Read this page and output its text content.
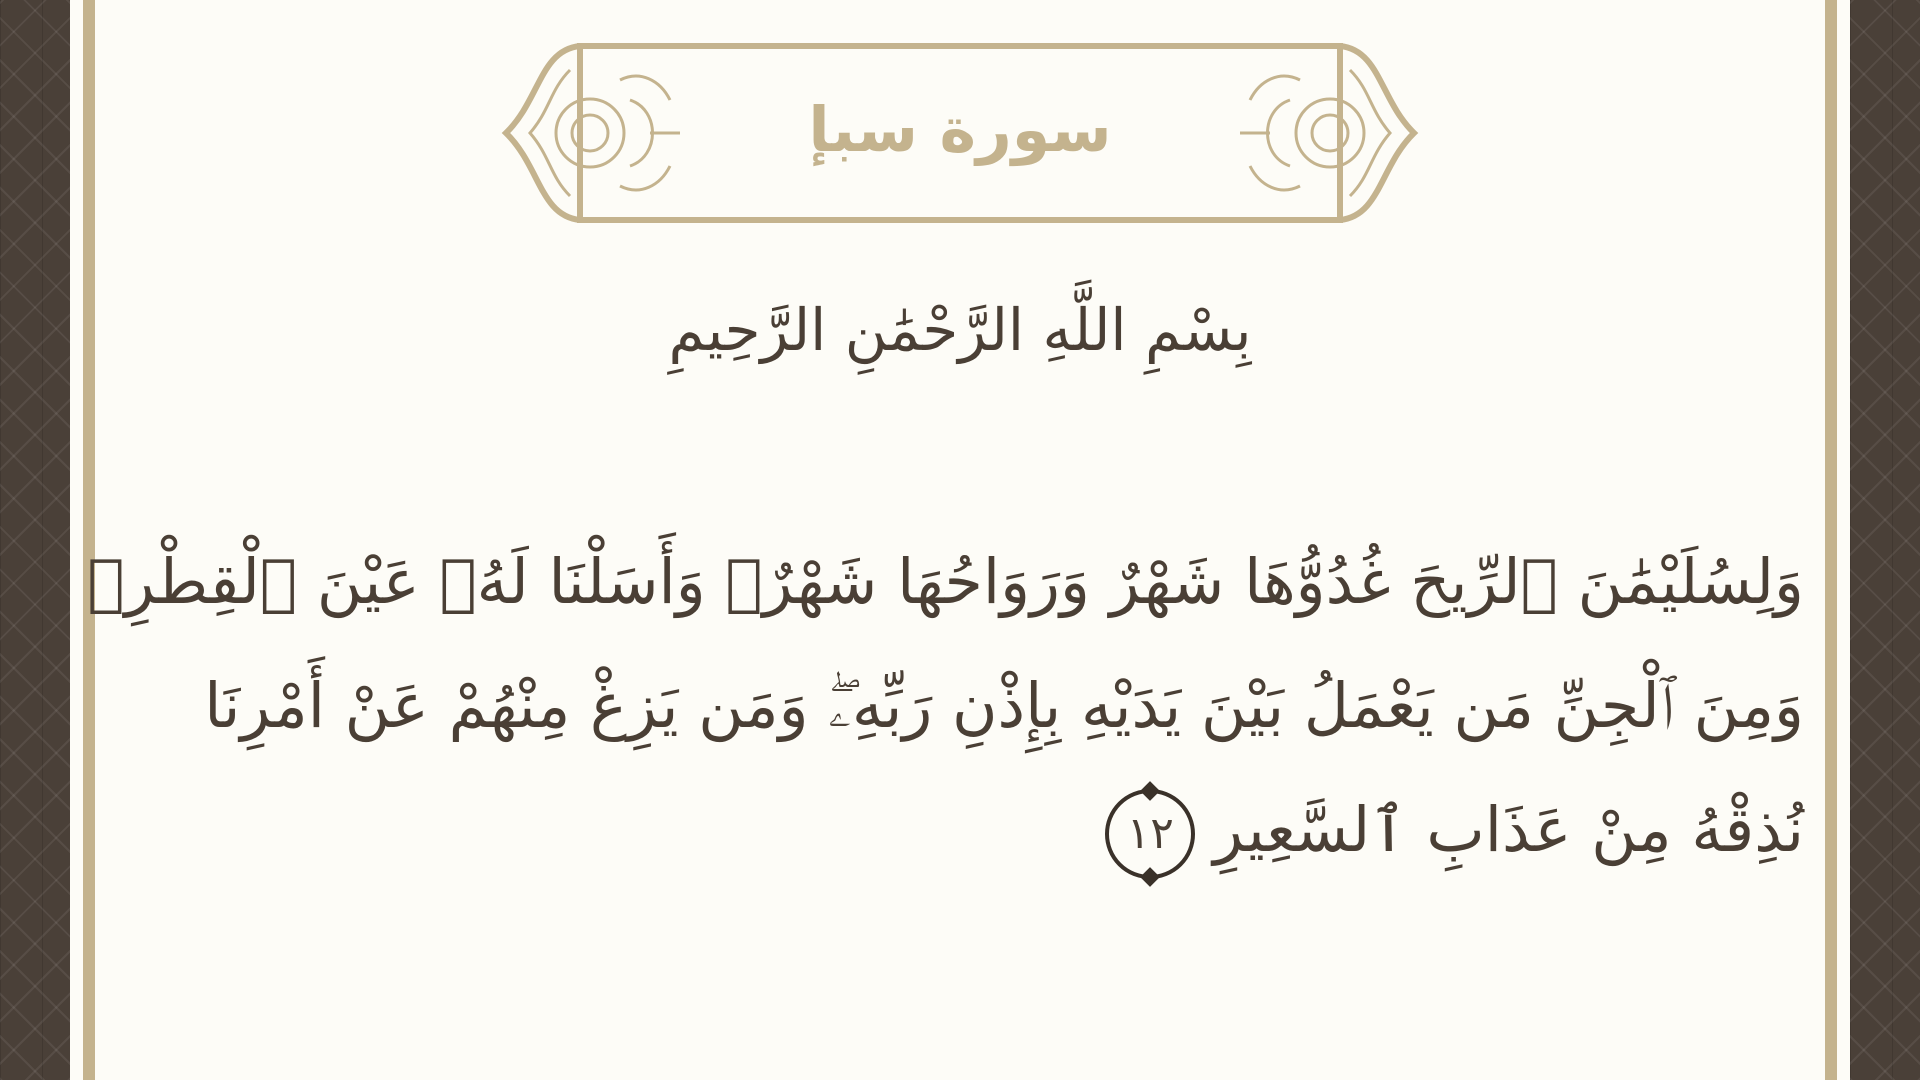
سورة سبإ
بِسْمِ اللَّهِ الرَّحْمَٰنِ الرَّحِيمِ
وَلِسُلَيْمَٰنَ ٱلرِّيحَ غُدُوُّهَا شَهْرٌ وَرَوَاحُهَا شَهْرٌۖ وَأَسَلْنَا لَهُۥ عَيْنَ ٱلْقِطْرِۖ
وَمِنَ ٱلْجِنِّ مَن يَعْمَلُ بَيْنَ يَدَيْهِ بِإِذْنِ رَبِّهِۦۖ وَمَن يَزِغْ مِنْهُمْ عَنْ أَمْرِنَا
نُذِقْهُ مِنْ عَذَابِ ٱلسَّعِيرِ١٢
